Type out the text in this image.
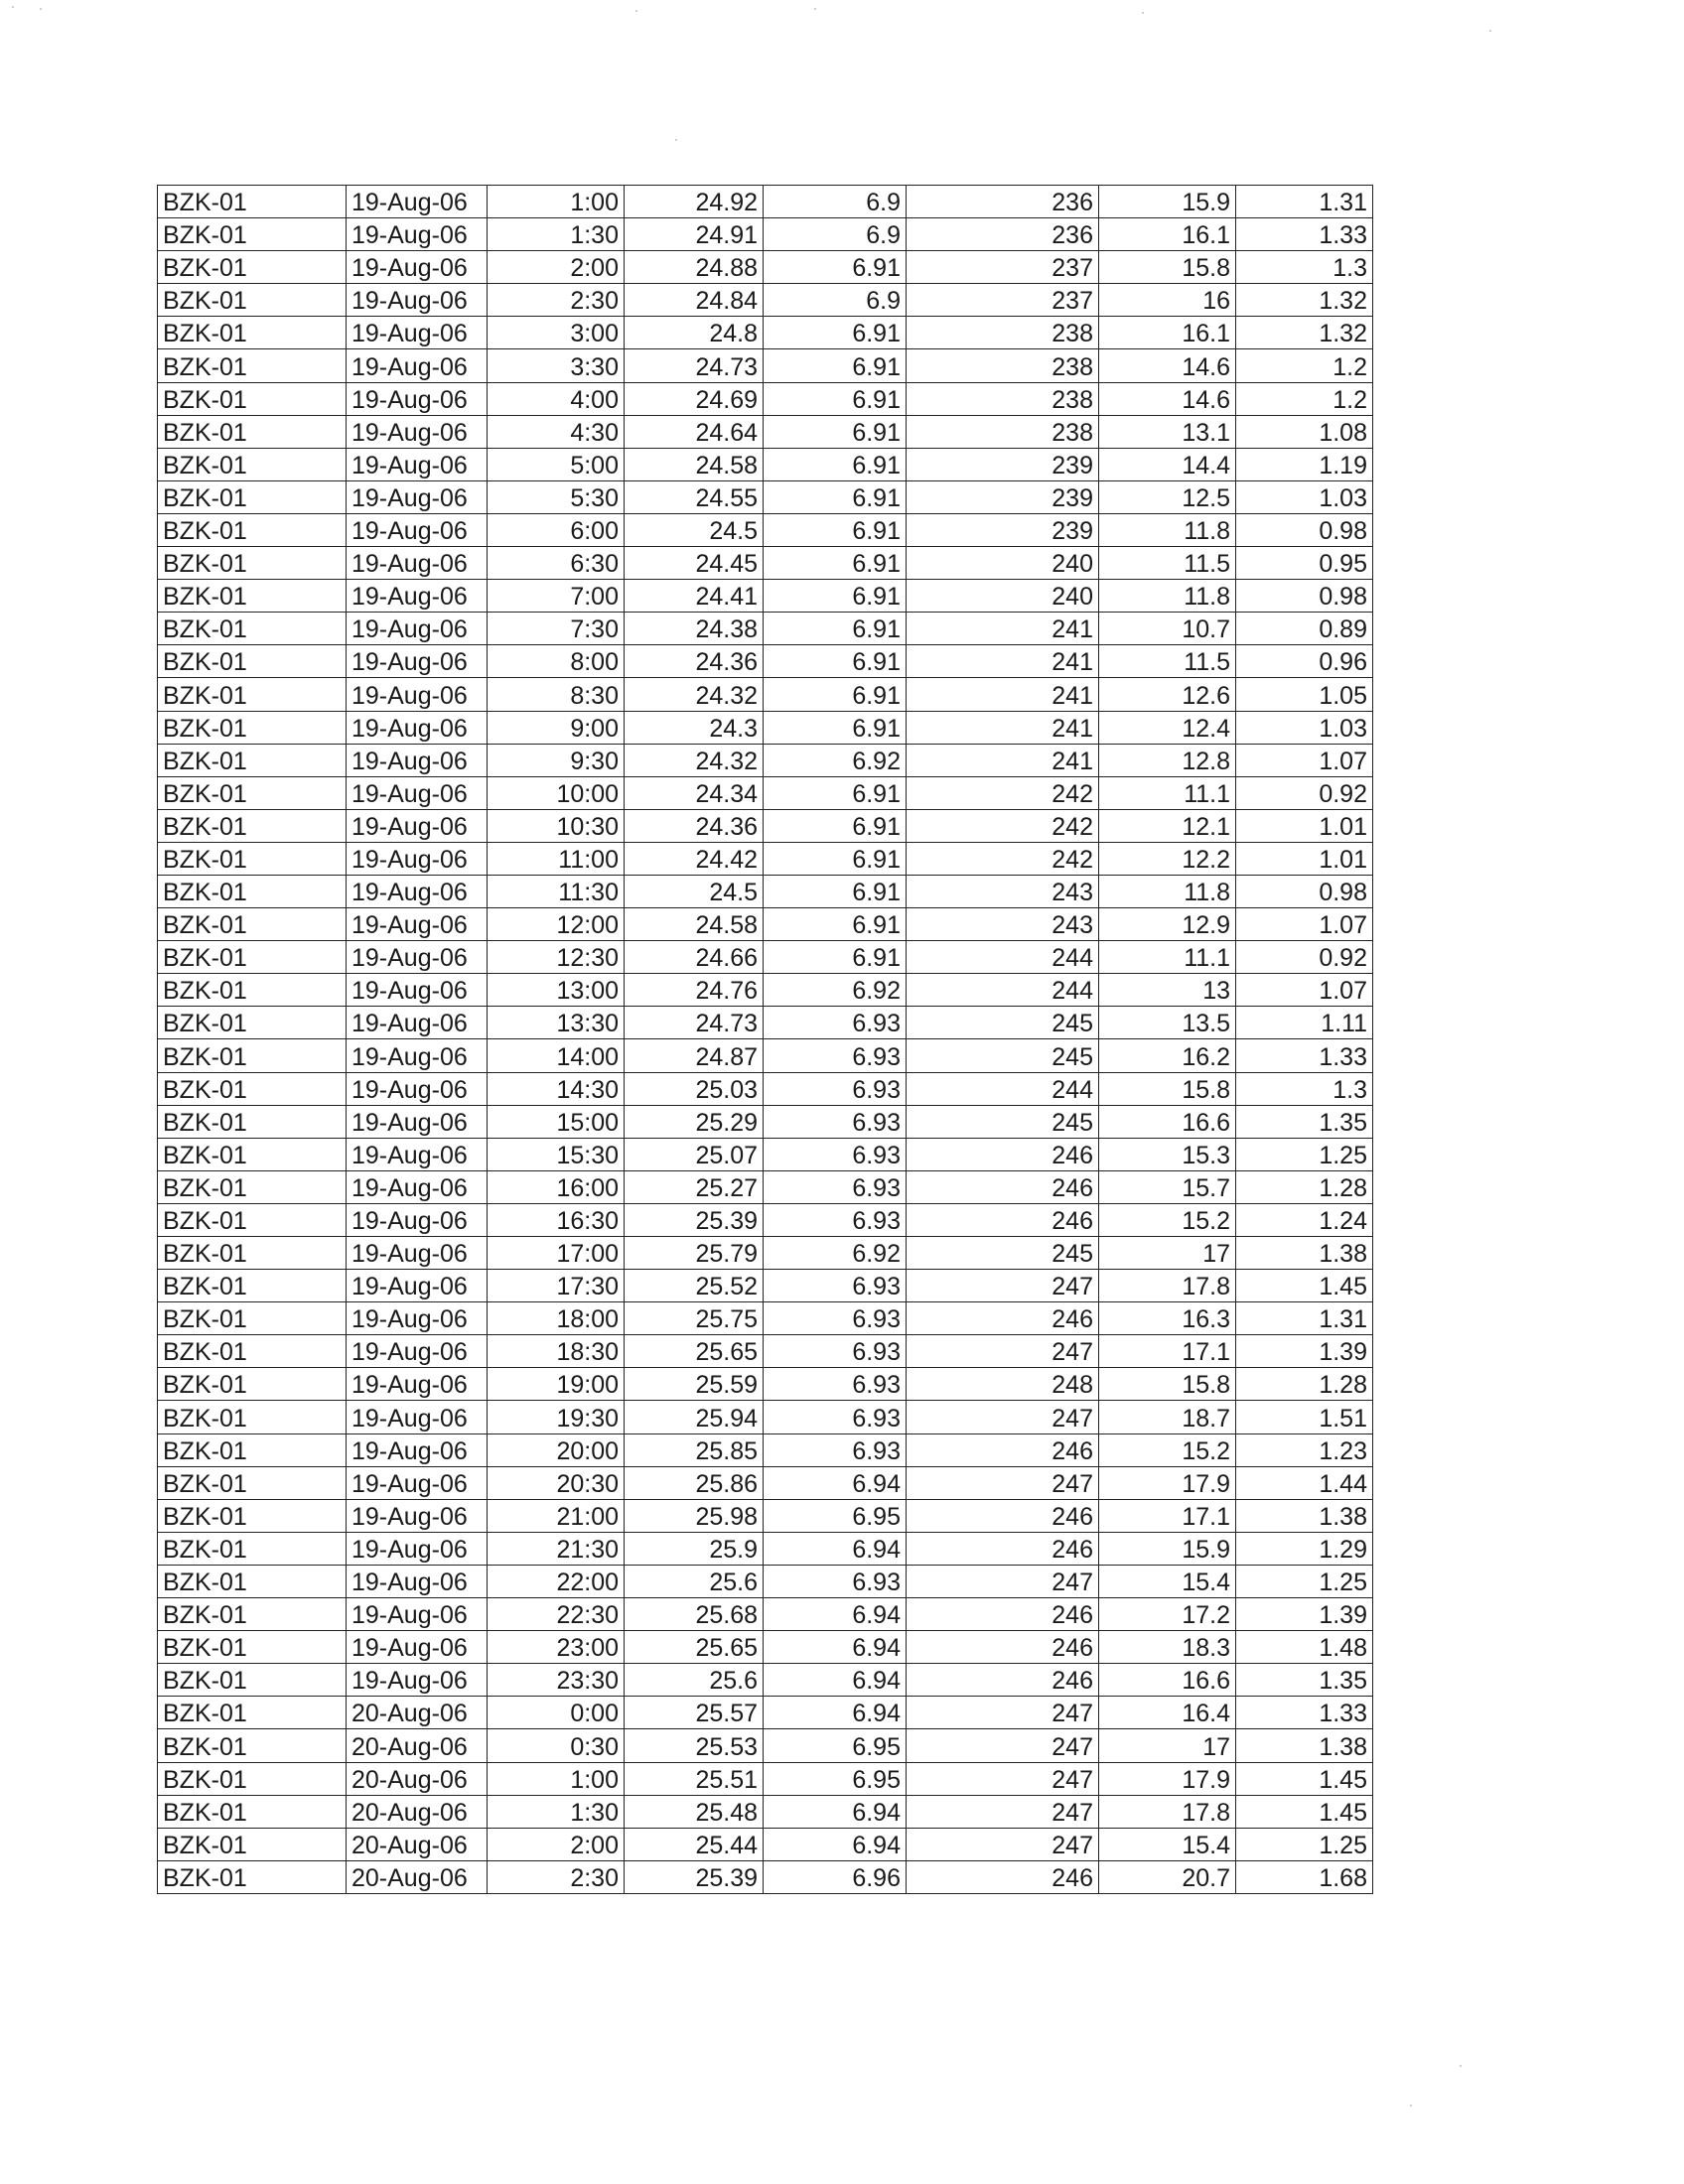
BZK-01	19-Aug-06	1:00	24.92	6.9	236	15.9	1.31
BZK-01	19-Aug-06	1:30	24.91	6.9	236	16.1	1.33
BZK-01	19-Aug-06	2:00	24.88	6.91	237	15.8	1.3
BZK-01	19-Aug-06	2:30	24.84	6.9	237	16	1.32
BZK-01	19-Aug-06	3:00	24.8	6.91	238	16.1	1.32
BZK-01	19-Aug-06	3:30	24.73	6.91	238	14.6	1.2
BZK-01	19-Aug-06	4:00	24.69	6.91	238	14.6	1.2
BZK-01	19-Aug-06	4:30	24.64	6.91	238	13.1	1.08
BZK-01	19-Aug-06	5:00	24.58	6.91	239	14.4	1.19
BZK-01	19-Aug-06	5:30	24.55	6.91	239	12.5	1.03
BZK-01	19-Aug-06	6:00	24.5	6.91	239	11.8	0.98
BZK-01	19-Aug-06	6:30	24.45	6.91	240	11.5	0.95
BZK-01	19-Aug-06	7:00	24.41	6.91	240	11.8	0.98
BZK-01	19-Aug-06	7:30	24.38	6.91	241	10.7	0.89
BZK-01	19-Aug-06	8:00	24.36	6.91	241	11.5	0.96
BZK-01	19-Aug-06	8:30	24.32	6.91	241	12.6	1.05
BZK-01	19-Aug-06	9:00	24.3	6.91	241	12.4	1.03
BZK-01	19-Aug-06	9:30	24.32	6.92	241	12.8	1.07
BZK-01	19-Aug-06	10:00	24.34	6.91	242	11.1	0.92
BZK-01	19-Aug-06	10:30	24.36	6.91	242	12.1	1.01
BZK-01	19-Aug-06	11:00	24.42	6.91	242	12.2	1.01
BZK-01	19-Aug-06	11:30	24.5	6.91	243	11.8	0.98
BZK-01	19-Aug-06	12:00	24.58	6.91	243	12.9	1.07
BZK-01	19-Aug-06	12:30	24.66	6.91	244	11.1	0.92
BZK-01	19-Aug-06	13:00	24.76	6.92	244	13	1.07
BZK-01	19-Aug-06	13:30	24.73	6.93	245	13.5	1.11
BZK-01	19-Aug-06	14:00	24.87	6.93	245	16.2	1.33
BZK-01	19-Aug-06	14:30	25.03	6.93	244	15.8	1.3
BZK-01	19-Aug-06	15:00	25.29	6.93	245	16.6	1.35
BZK-01	19-Aug-06	15:30	25.07	6.93	246	15.3	1.25
BZK-01	19-Aug-06	16:00	25.27	6.93	246	15.7	1.28
BZK-01	19-Aug-06	16:30	25.39	6.93	246	15.2	1.24
BZK-01	19-Aug-06	17:00	25.79	6.92	245	17	1.38
BZK-01	19-Aug-06	17:30	25.52	6.93	247	17.8	1.45
BZK-01	19-Aug-06	18:00	25.75	6.93	246	16.3	1.31
BZK-01	19-Aug-06	18:30	25.65	6.93	247	17.1	1.39
BZK-01	19-Aug-06	19:00	25.59	6.93	248	15.8	1.28
BZK-01	19-Aug-06	19:30	25.94	6.93	247	18.7	1.51
BZK-01	19-Aug-06	20:00	25.85	6.93	246	15.2	1.23
BZK-01	19-Aug-06	20:30	25.86	6.94	247	17.9	1.44
BZK-01	19-Aug-06	21:00	25.98	6.95	246	17.1	1.38
BZK-01	19-Aug-06	21:30	25.9	6.94	246	15.9	1.29
BZK-01	19-Aug-06	22:00	25.6	6.93	247	15.4	1.25
BZK-01	19-Aug-06	22:30	25.68	6.94	246	17.2	1.39
BZK-01	19-Aug-06	23:00	25.65	6.94	246	18.3	1.48
BZK-01	19-Aug-06	23:30	25.6	6.94	246	16.6	1.35
BZK-01	20-Aug-06	0:00	25.57	6.94	247	16.4	1.33
BZK-01	20-Aug-06	0:30	25.53	6.95	247	17	1.38
BZK-01	20-Aug-06	1:00	25.51	6.95	247	17.9	1.45
BZK-01	20-Aug-06	1:30	25.48	6.94	247	17.8	1.45
BZK-01	20-Aug-06	2:00	25.44	6.94	247	15.4	1.25
BZK-01	20-Aug-06	2:30	25.39	6.96	246	20.7	1.68
